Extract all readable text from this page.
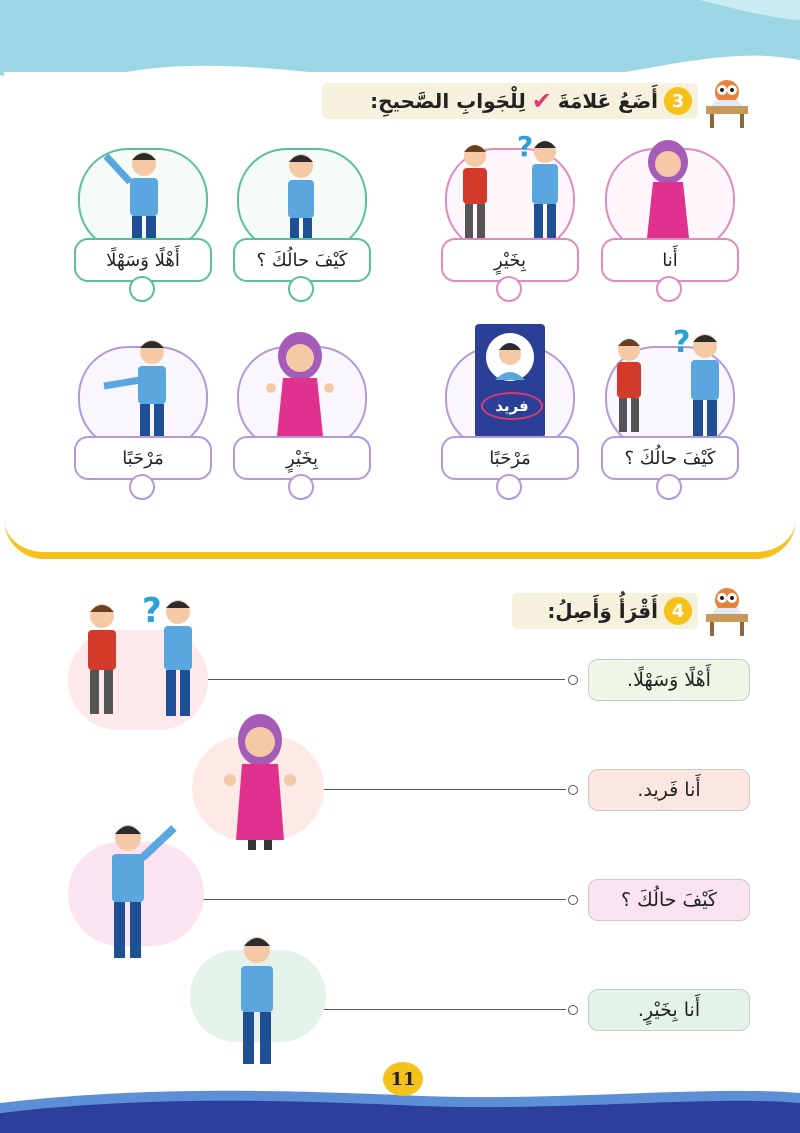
3
أَضَعُ عَلامَةَ
✔
لِلْجَوابِ الصَّحيحِ:
أَنا
?
بِخَيْرٍ
كَيْفَ حالُكَ ؟
أَهْلًا وَسَهْلًا
?
كَيْفَ حالُكَ ؟
فريد
مَرْحَبًا
بِخَيْرٍ
مَرْحَبًا
4
أَقْرَأُ وَأَصِلُ:
أَهْلًا وَسَهْلًا.
أَنا فَريد.
كَيْفَ حالُكَ ؟
أَنا بِخَيْرٍ.
?
11
